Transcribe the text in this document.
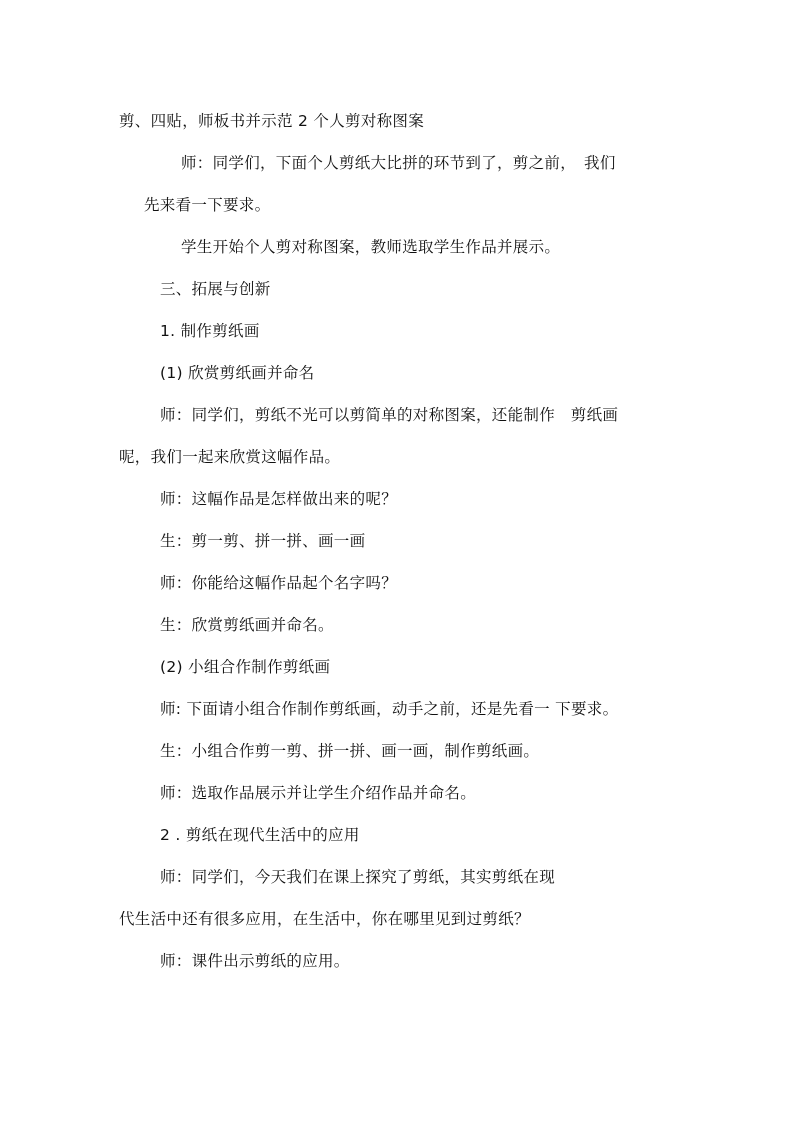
剪、四贴，师板书并示范 2 个人剪对称图案
师：同学们，下面个人剪纸大比拼的环节到了，剪之前，　我们
先来看一下要求。
学生开始个人剪对称图案，教师选取学生作品并展示。
三、拓展与创新
1. 制作剪纸画
(1) 欣赏剪纸画并命名
师：同学们，剪纸不光可以剪简单的对称图案，还能制作　剪纸画
呢，我们一起来欣赏这幅作品。
师：这幅作品是怎样做出来的呢？
生：剪一剪、拼一拼、画一画
师：你能给这幅作品起个名字吗？
生：欣赏剪纸画并命名。
(2) 小组合作制作剪纸画
师: 下面请小组合作制作剪纸画，动手之前，还是先看一 下要求。
生：小组合作剪一剪、拼一拼、画一画，制作剪纸画。
师：选取作品展示并让学生介绍作品并命名。
2 . 剪纸在现代生活中的应用
师：同学们，今天我们在课上探究了剪纸，其实剪纸在现
代生活中还有很多应用，在生活中，你在哪里见到过剪纸？
师：课件出示剪纸的应用。
